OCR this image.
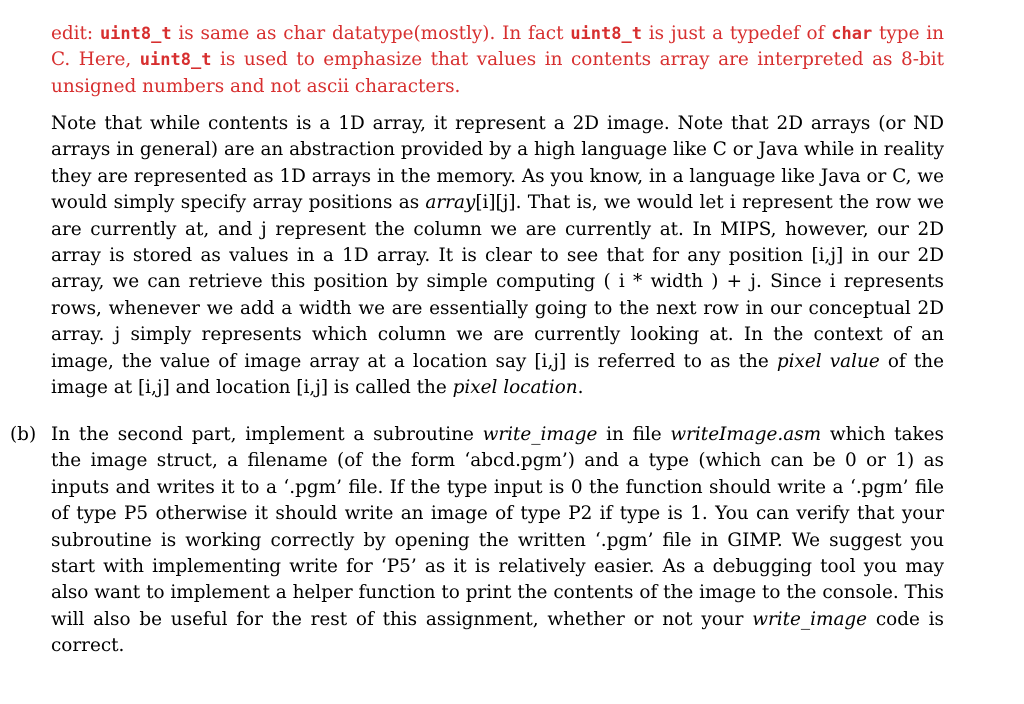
edit: uint8_t is same as char datatype(mostly). In fact uint8_t is just a typedef of char type in C. Here, uint8_t is used to emphasize that values in contents array are interpreted as 8-bit unsigned numbers and not ascii characters.

Note that while contents is a 1D array, it represent a 2D image. Note that 2D arrays (or ND arrays in general) are an abstraction provided by a high language like C or Java while in reality they are represented as 1D arrays in the memory. As you know, in a language like Java or C, we would simply specify array positions as array[i][j]. That is, we would let i represent the row we are currently at, and j represent the column we are currently at. In MIPS, however, our 2D array is stored as values in a 1D array. It is clear to see that for any position [i,j] in our 2D array, we can retrieve this position by simple computing ( i * width ) + j. Since i represents rows, whenever we add a width we are essentially going to the next row in our conceptual 2D array. j simply represents which column we are currently looking at. In the context of an image, the value of image array at a location say [i,j] is referred to as the pixel value of the image at [i,j] and location [i,j] is called the pixel location.

(b) In the second part, implement a subroutine write_image in file writeImage.asm which takes the image struct, a filename (of the form ‘abcd.pgm’) and a type (which can be 0 or 1) as inputs and writes it to a ‘.pgm’ file. If the type input is 0 the function should write a ‘.pgm’ file of type P5 otherwise it should write an image of type P2 if type is 1. You can verify that your subroutine is working correctly by opening the written ‘.pgm’ file in GIMP. We suggest you start with implementing write for ‘P5’ as it is relatively easier. As a debugging tool you may also want to implement a helper function to print the contents of the image to the console. This will also be useful for the rest of this assignment, whether or not your write_image code is correct.
